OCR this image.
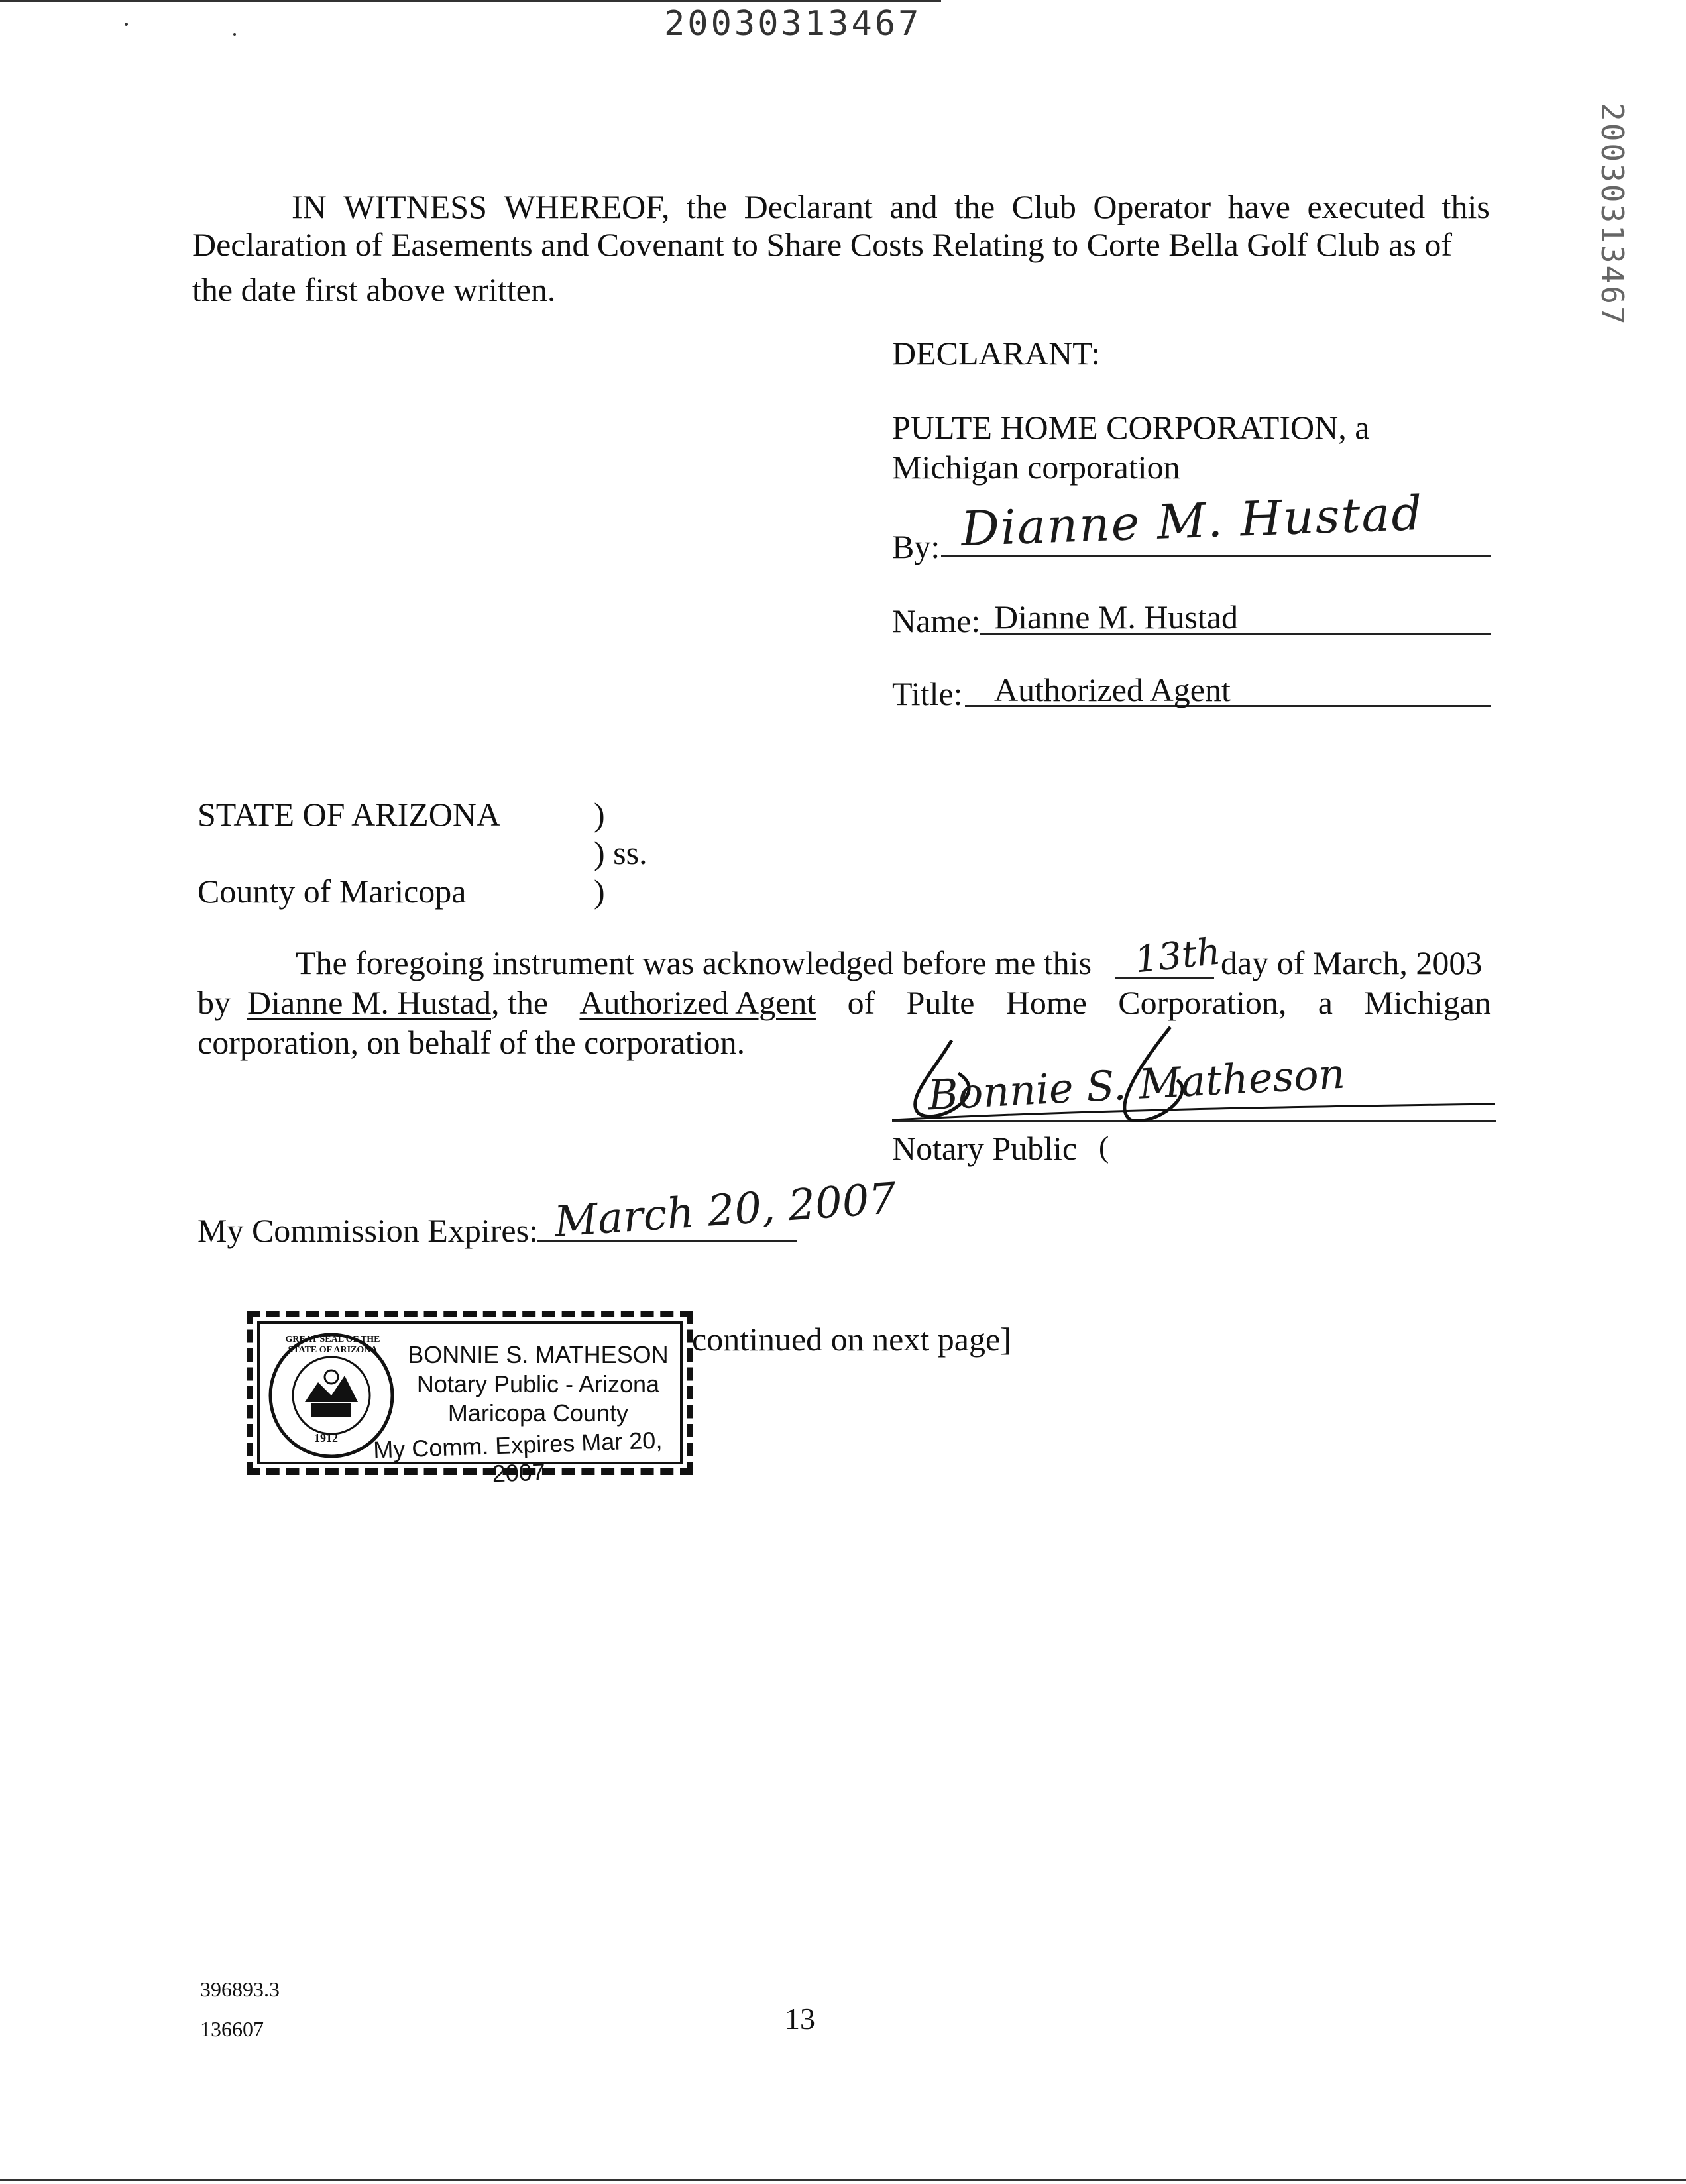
20030313467
20030313467
IN WITNESS WHEREOF, the Declarant and the Club Operator have executed this
Declaration of Easements and Covenant to Share Costs Relating to Corte Bella Golf Club as of
the date first above written.
DECLARANT:
PULTE HOME CORPORATION, a
Michigan corporation
By: Dianne M. Hustad
Name: Dianne M. Hustad
Title: Authorized Agent
STATE OF ARIZONA	)
) ss.
County of Maricopa	)
The foregoing instrument was acknowledged before me this 13th
day of March, 2003
by Dianne M. Hustad, the Authorized Agent of Pulte Home Corporation, a Michigan
corporation, on behalf of the corporation.
Bonnie S. Matheson
Notary Public (
My Commission Expires: March 20, 2007
GREAT SEAL OF THE STATE OF ARIZONA
1912
BONNIE S. MATHESON
Notary Public - Arizona
Maricopa County
My Comm. Expires Mar 20, 2007
continued on next page]
396893.3
136607	13
